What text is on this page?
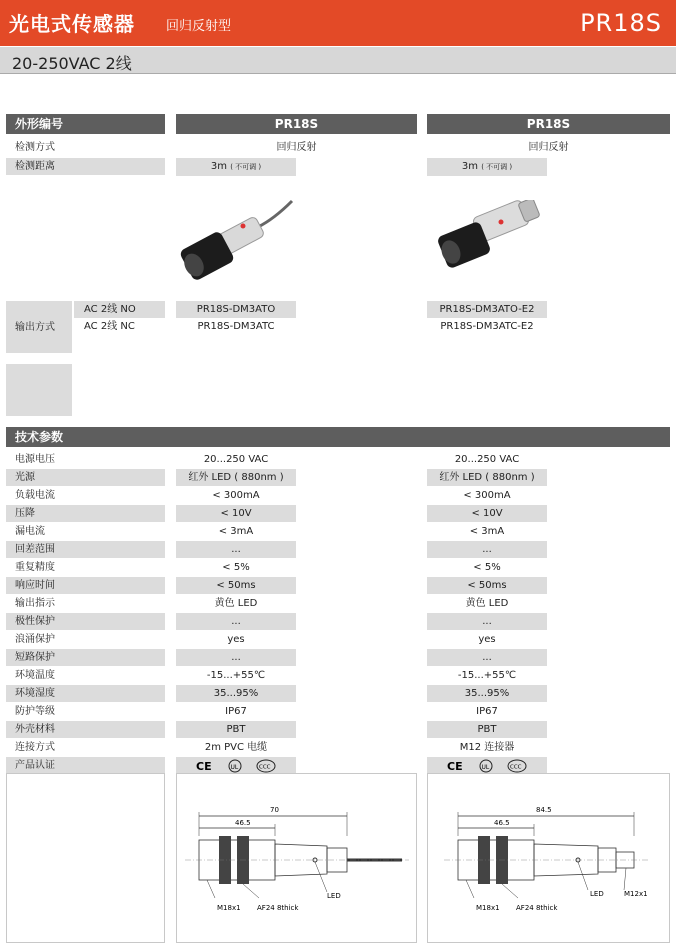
光电式传感器 回归反射型	PR18S
20-250VAC 2线
外形编号	PR18S	PR18S
检测方式	回归反射	回归反射
检测距离	3m ( 不可调 )	3m ( 不可调 )
输出方式
AC 2线 NO	PR18S-DM3ATO	PR18S-DM3ATO-E2
AC 2线 NC	PR18S-DM3ATC	PR18S-DM3ATC-E2
技术参数
电源电压	20...250 VAC	20...250 VAC
光源	红外 LED ( 880nm )	红外 LED ( 880nm )
负载电流	< 300mA	< 300mA
压降	< 10V	< 10V
漏电流	< 3mA	< 3mA
回差范围	...	...
重复精度	< 5%	< 5%
响应时间	< 50ms	< 50ms
输出指示	黄色 LED	黄色 LED
极性保护	...	...
浪涌保护	yes	yes
短路保护	...	...
环境温度	-15...+55℃	-15...+55℃
环境湿度	35...95%	35...95%
防护等级	IP67	IP67
外壳材料	PBT	PBT
连接方式	2m PVC 电缆	M12 连接器
产品认证	CE	UL	CCC	CE	UL	CCC
70
46.5
M18x1 AF24 8thick
LED
84.5
46.5
M18x1 AF24 8thick
LED	M12x1
